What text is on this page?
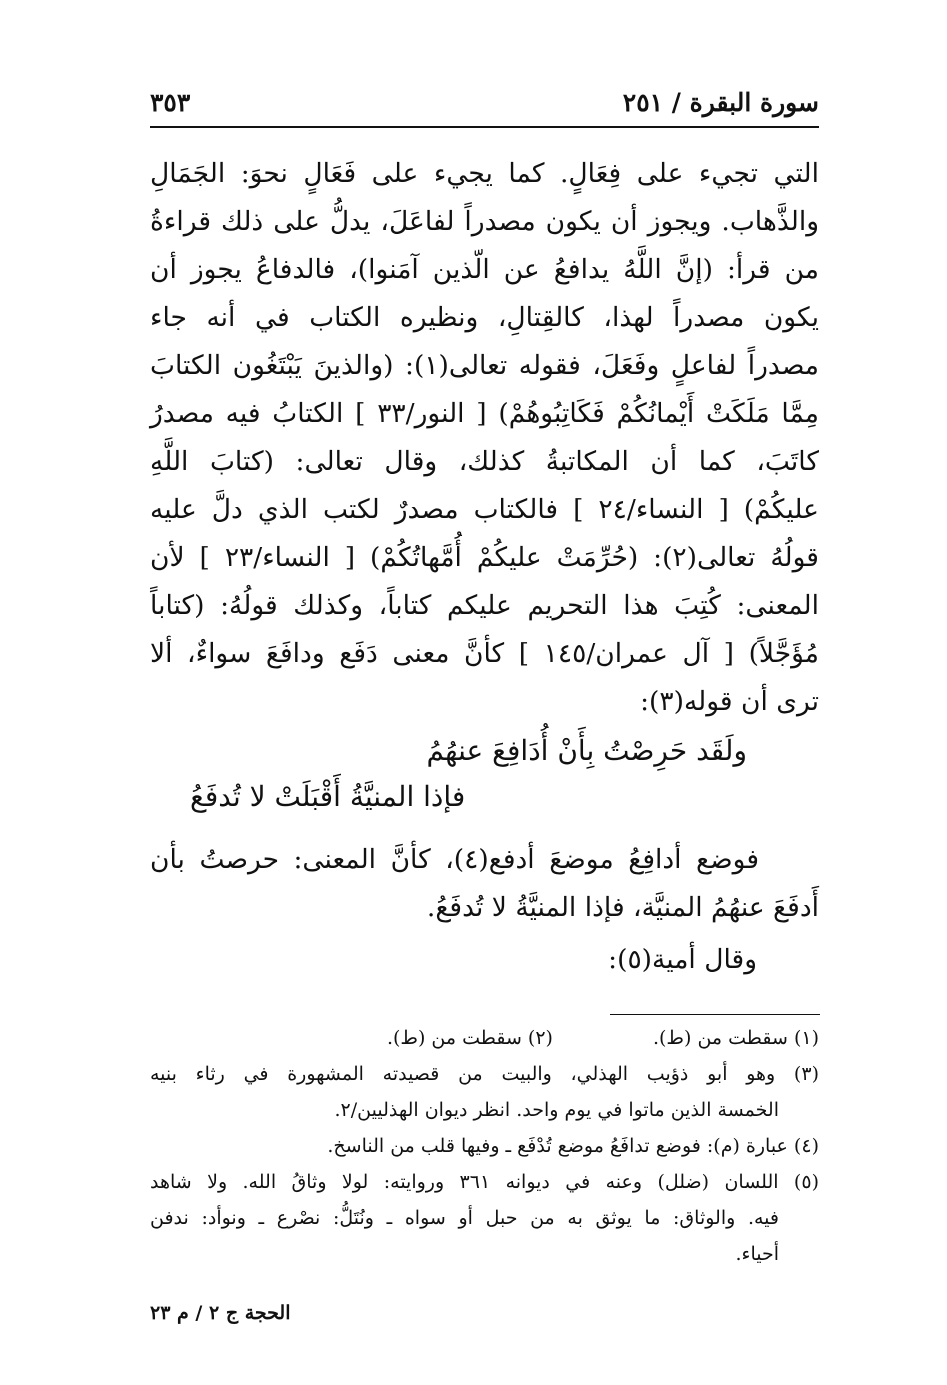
سورة البقرة / ٢٥١
٣٥٣
التي تجيء على فِعَالٍ. كما يجيء على فَعَالٍ نحوَ: الجَمَالِ
والذَّهاب. ويجوز أن يكون مصدراً لفاعَلَ، يدلُّ على ذلك قراءةُ
من قرأ: (إنَّ اللَّهُ يدافعُ عن الّذين آمَنوا)، فالدفاعُ يجوز أن
يكون مصدراً لهذا، كالقِتالِ، ونظيره الكتاب في أنه جاء
مصدراً لفاعلٍ وفَعَلَ، فقوله تعالى(١): (والذينَ يَبْتَغُون الكتابَ
مِمَّا مَلَكَتْ أَيْمانُكُمْ فَكَاتِبُوهُمْ) [ النور/٣٣ ] الكتابُ فيه مصدرُ
كاتَبَ، كما أن المكاتبةُ كذلك، وقال تعالى: (كتابَ اللَّهِ
عليكُمْ) [ النساء/٢٤ ] فالكتاب مصدرٌ لكتب الذي دلَّ عليه
قولُهُ تعالى(٢): (حُرِّمَتْ عليكُمْ أُمَّهاتُكُمْ) [ النساء/٢٣ ] لأن
المعنى: كُتِبَ هذا التحريم عليكم كتاباً، وكذلك قولُهُ: (كتاباً
مُؤَجَّلاً) [ آل عمران/١٤٥ ] كأنَّ معنى دَفَع ودافَعَ سواءٌ، ألا
ترى أن قوله(٣):
ولَقَد حَرِصْتُ بِأَنْ أُدَافِعَ عنهُمُ
فإذا المنيَّةُ أَقْبَلَتْ لا تُدفَعُ
فوضع أدافِعُ موضعَ أدفع(٤)، كأنَّ المعنى: حرصتُ بأن
أَدفَعَ عنهُمُ المنيَّة، فإذا المنيَّةُ لا تُدفَعُ.
وقال أمية(٥):
(١) سقطت من (ط).
(٢) سقطت من (ط).
(٣) وهو أبو ذؤيب الهذلي، والبيت من قصيدته المشهورة في رثاء بنيه
الخمسة الذين ماتوا في يوم واحد. انظر ديوان الهذليين/٢.
(٤) عبارة (م): فوضع تدافَعُ موضع تُدْفَع ـ وفيها قلب من الناسخ.
(٥) اللسان (ضلل) وعنه في ديوانه ٣٦١ وروايته: لولا وثاقُ الله. ولا شاهد
فيه. والوثاق: ما يوثق به من حبل أو سواه ـ ونُتَلُّ: نصْرع ـ ونوأد: ندفن
أحياء.
الحجة ج ٢ / م ٢٣
